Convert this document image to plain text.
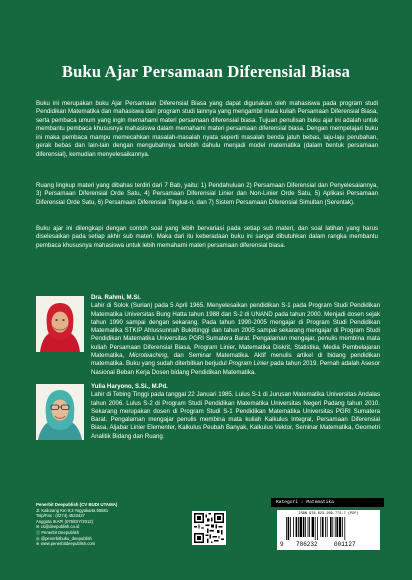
Buku Ajar Persamaan Diferensial Biasa

Buku ini merupakan buku Ajar Persamaan Diferensial Biasa yang dapat digunakan oleh mahasiswa pada program studi Pendidikan Matematika dan mahasiswa dari program studi lainnya yang mengambil mata kuliah Persamaan Diferensial Biasa, serta pembaca umum yang ingin memahami materi persamaan diferensial biasa. Tujuan penulisan buku ajar ini adalah untuk membantu pembaca khususnya mahasiswa dalam memahami materi persamaan diferensial biasa. Dengan mempelajari buku ini maka pembaca mampu memecahkan masalah-masalah nyata seperti masalah benda jatuh bebas, laju-laju perubahan, gerak bebas dan lain-lain dengan mengubahnya terlebih dahulu menjadi model matematika (dalam bentuk persamaan diferensial), kemudian menyelesaikannya.

Ruang lingkup materi yang dibahas terdiri dari 7 Bab, yaitu: 1) Pendahuluan 2) Persamaan Diferensial dan Penyelesaiannya, 3) Persamaan Diferensial Orde Satu, 4) Persamaan Diferensial Linier dan Non-Linier Orde Satu, 5) Aplikasi Persamaan Diferensial Orde Satu, 6) Persamaan Diferensial Tingkat-n, dan 7) Sistem Persamaan Diferensial Simultan (Serentak).

Buku ajar ini dilengkapi dengan contoh soal yang lebih bervariasi pada setiap sub materi, dan soal latihan yang harus diselesaikan pada setiap akhir sub materi. Maka dari itu keberadaan buku ini sangat dibutuhkan dalam rangka membantu pembaca khususnya mahasiswa untuk lebih memahami materi persamaan diferensial biasa.

Dra. Rahmi, M.Si.
Lahir di Solok (Surian) pada 5 April 1965. Menyelesaikan pendidikan S-1 pada Program Studi Pendidikan Matematika Universitas Bung Hatta tahun 1988 dan S-2 di UNAND pada tahun 2000. Menjadi dosen sejak tahun 1990 sampai dengan sekarang. Pada tahun 1990-2005 mengajar di Program Studi Pendidikan Matematika STKIP Ahlussunnah Bukittinggi dan tahun 2005 sampai sekarang mengajar di Program Studi Pendidikan Matematika Universitas PGRI Sumatera Barat. Pengalaman mengajar, penulis membina mata kuliah Persamaan Diferensial Biasa, Program Linier, Matematika Diskrit, Statistika, Media Pembelajaran Matematika, Microteaching, dan Seminar Matematika. Aktif menulis artikel di bidang pendidikan matematika. Buku yang sudah diterbitkan berjudul Program Linier pada tahun 2019. Pernah adalah Asesor Nasional Beban Kerja Dosen bidang Pendidikan Matematika.
Yulia Haryono, S.Si., M.Pd.
Lahir di Tebing Tinggi pada tanggal 22 Januari 1985. Lulus S-1 di Jurusan Matematika Universitas Andalas tahun 2006. Lulus S-2 di Program Studi Pendidikan Matematika Universitas Negeri Padang tahun 2010. Sekarang merupakan dosen di Program Studi S-1 Pendidikan Matematika Universitas PGRI Sumatera Barat. Pengalaman mengajar penulis membina mata kuliah Kalkulus Integral, Persamaan Diferensial Biasa, Aljabar Linier Elementer, Kalkulus Peubah Banyak, Kalkulus Vektor, Seminar Matematika, Geometri Analitik Bidang dan Ruang.
Penerbit Deepublish (CV BUDI UTAMA)
Jl. Kaliurang Km 9,3 Yogyakarta 55581
Telp/Fax : (0274) 4533427
Anggota IKAPI (076/DIY/2012)
✉ cs@deepublish.co.id
ⓕ Penerbit Deepublish
◎ @penerbitbuku_deepublish
⊕ www.penerbitdeepublish.com
Kategori : Matematika
ISBN 978-623-209-772-7 (PDF)
9 786232	001127
